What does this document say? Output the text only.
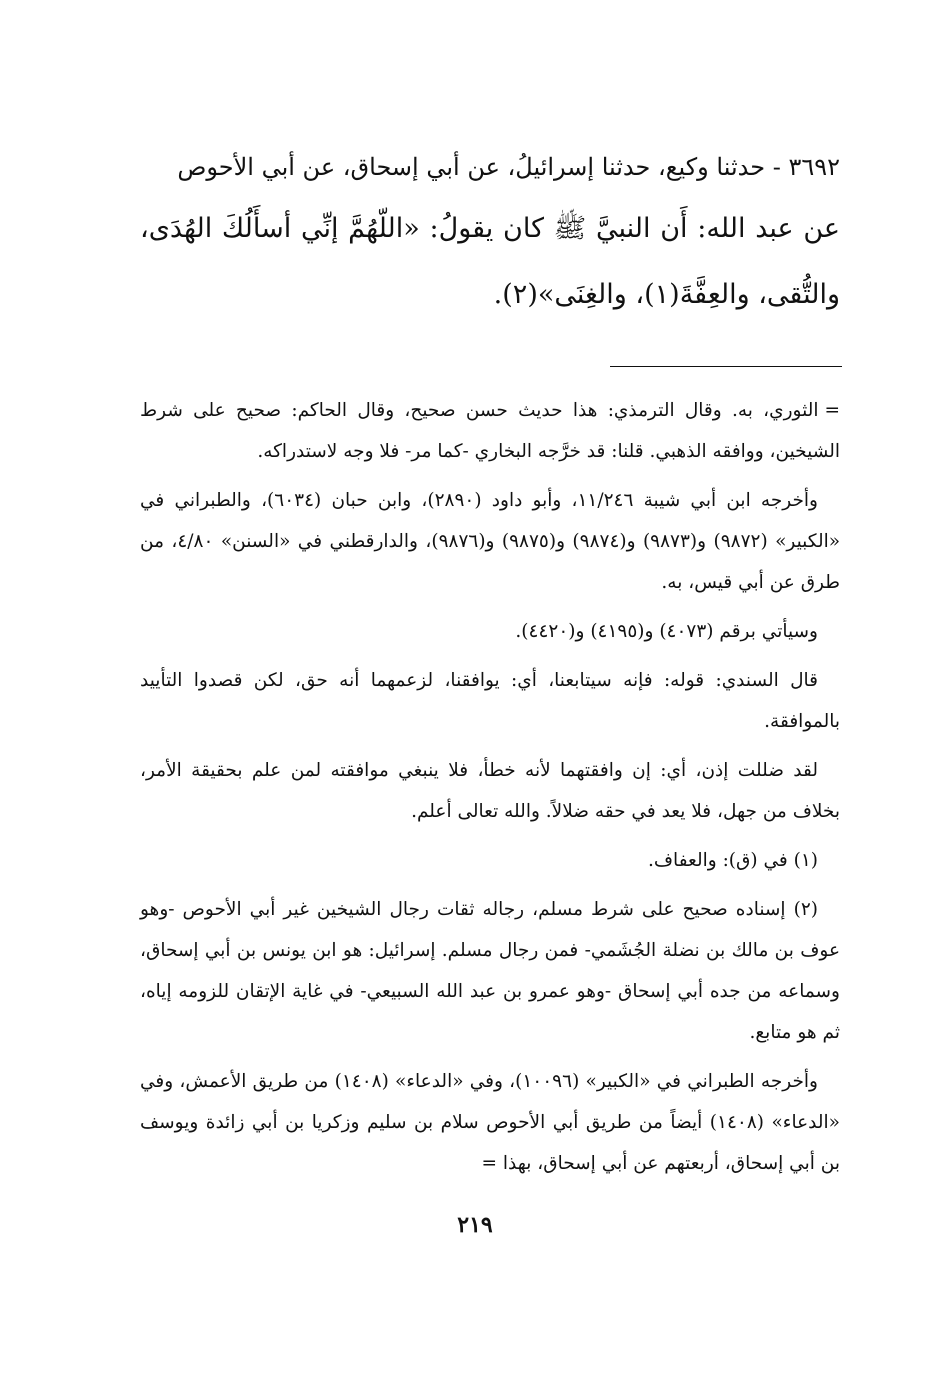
٣٦٩٢ - حدثنا وكيع، حدثنا إسرائيلُ، عن أبي إسحاق، عن أبي الأحوص
عن عبد الله: أَن النبيَّ ﷺ كان يقولُ: «اللّهُمَّ إنِّي أسأَلُكَ الهُدَى، والتُّقى، والعِفَّةَ(١)، والغِنَى»(٢).

=الثوري، به. وقال الترمذي: هذا حديث حسن صحيح، وقال الحاكم: صحيح على شرط الشيخين، ووافقه الذهبي. قلنا: قد خرَّجه البخاري -كما مر- فلا وجه لاستدراكه.

وأخرجه ابن أبي شيبة ١١/٢٤٦، وأبو داود (٢٨٩٠)، وابن حبان (٦٠٣٤)، والطبراني في «الكبير» (٩٨٧٢) و(٩٨٧٣) و(٩٨٧٤) و(٩٨٧٥) و(٩٨٧٦)، والدارقطني في «السنن» ٤/٨٠، من طرق عن أبي قيس، به.

وسيأتي برقم (٤٠٧٣) و(٤١٩٥) و(٤٤٢٠).

قال السندي: قوله: فإنه سيتابعنا، أي: يوافقنا، لزعمهما أنه حق، لكن قصدوا التأييد بالموافقة.

لقد ضللت إذن، أي: إن وافقتهما لأنه خطأ، فلا ينبغي موافقته لمن علم بحقيقة الأمر، بخلاف من جهل، فلا يعد في حقه ضلالاً. والله تعالى أعلم.

(١) في (ق): والعفاف.

(٢) إسناده صحيح على شرط مسلم، رجاله ثقات رجال الشيخين غير أبي الأحوص -وهو عوف بن مالك بن نضلة الجُشَمي- فمن رجال مسلم. إسرائيل: هو ابن يونس بن أبي إسحاق، وسماعه من جده أبي إسحاق -وهو عمرو بن عبد الله السبيعي- في غاية الإتقان للزومه إياه، ثم هو متابع.

وأخرجه الطبراني في «الكبير» (١٠٠٩٦)، وفي «الدعاء» (١٤٠٨) من طريق الأعمش، وفي «الدعاء» (١٤٠٨) أيضاً من طريق أبي الأحوص سلام بن سليم وزكريا بن أبي زائدة ويوسف بن أبي إسحاق، أربعتهم عن أبي إسحاق، بهذا =

٢١٩
